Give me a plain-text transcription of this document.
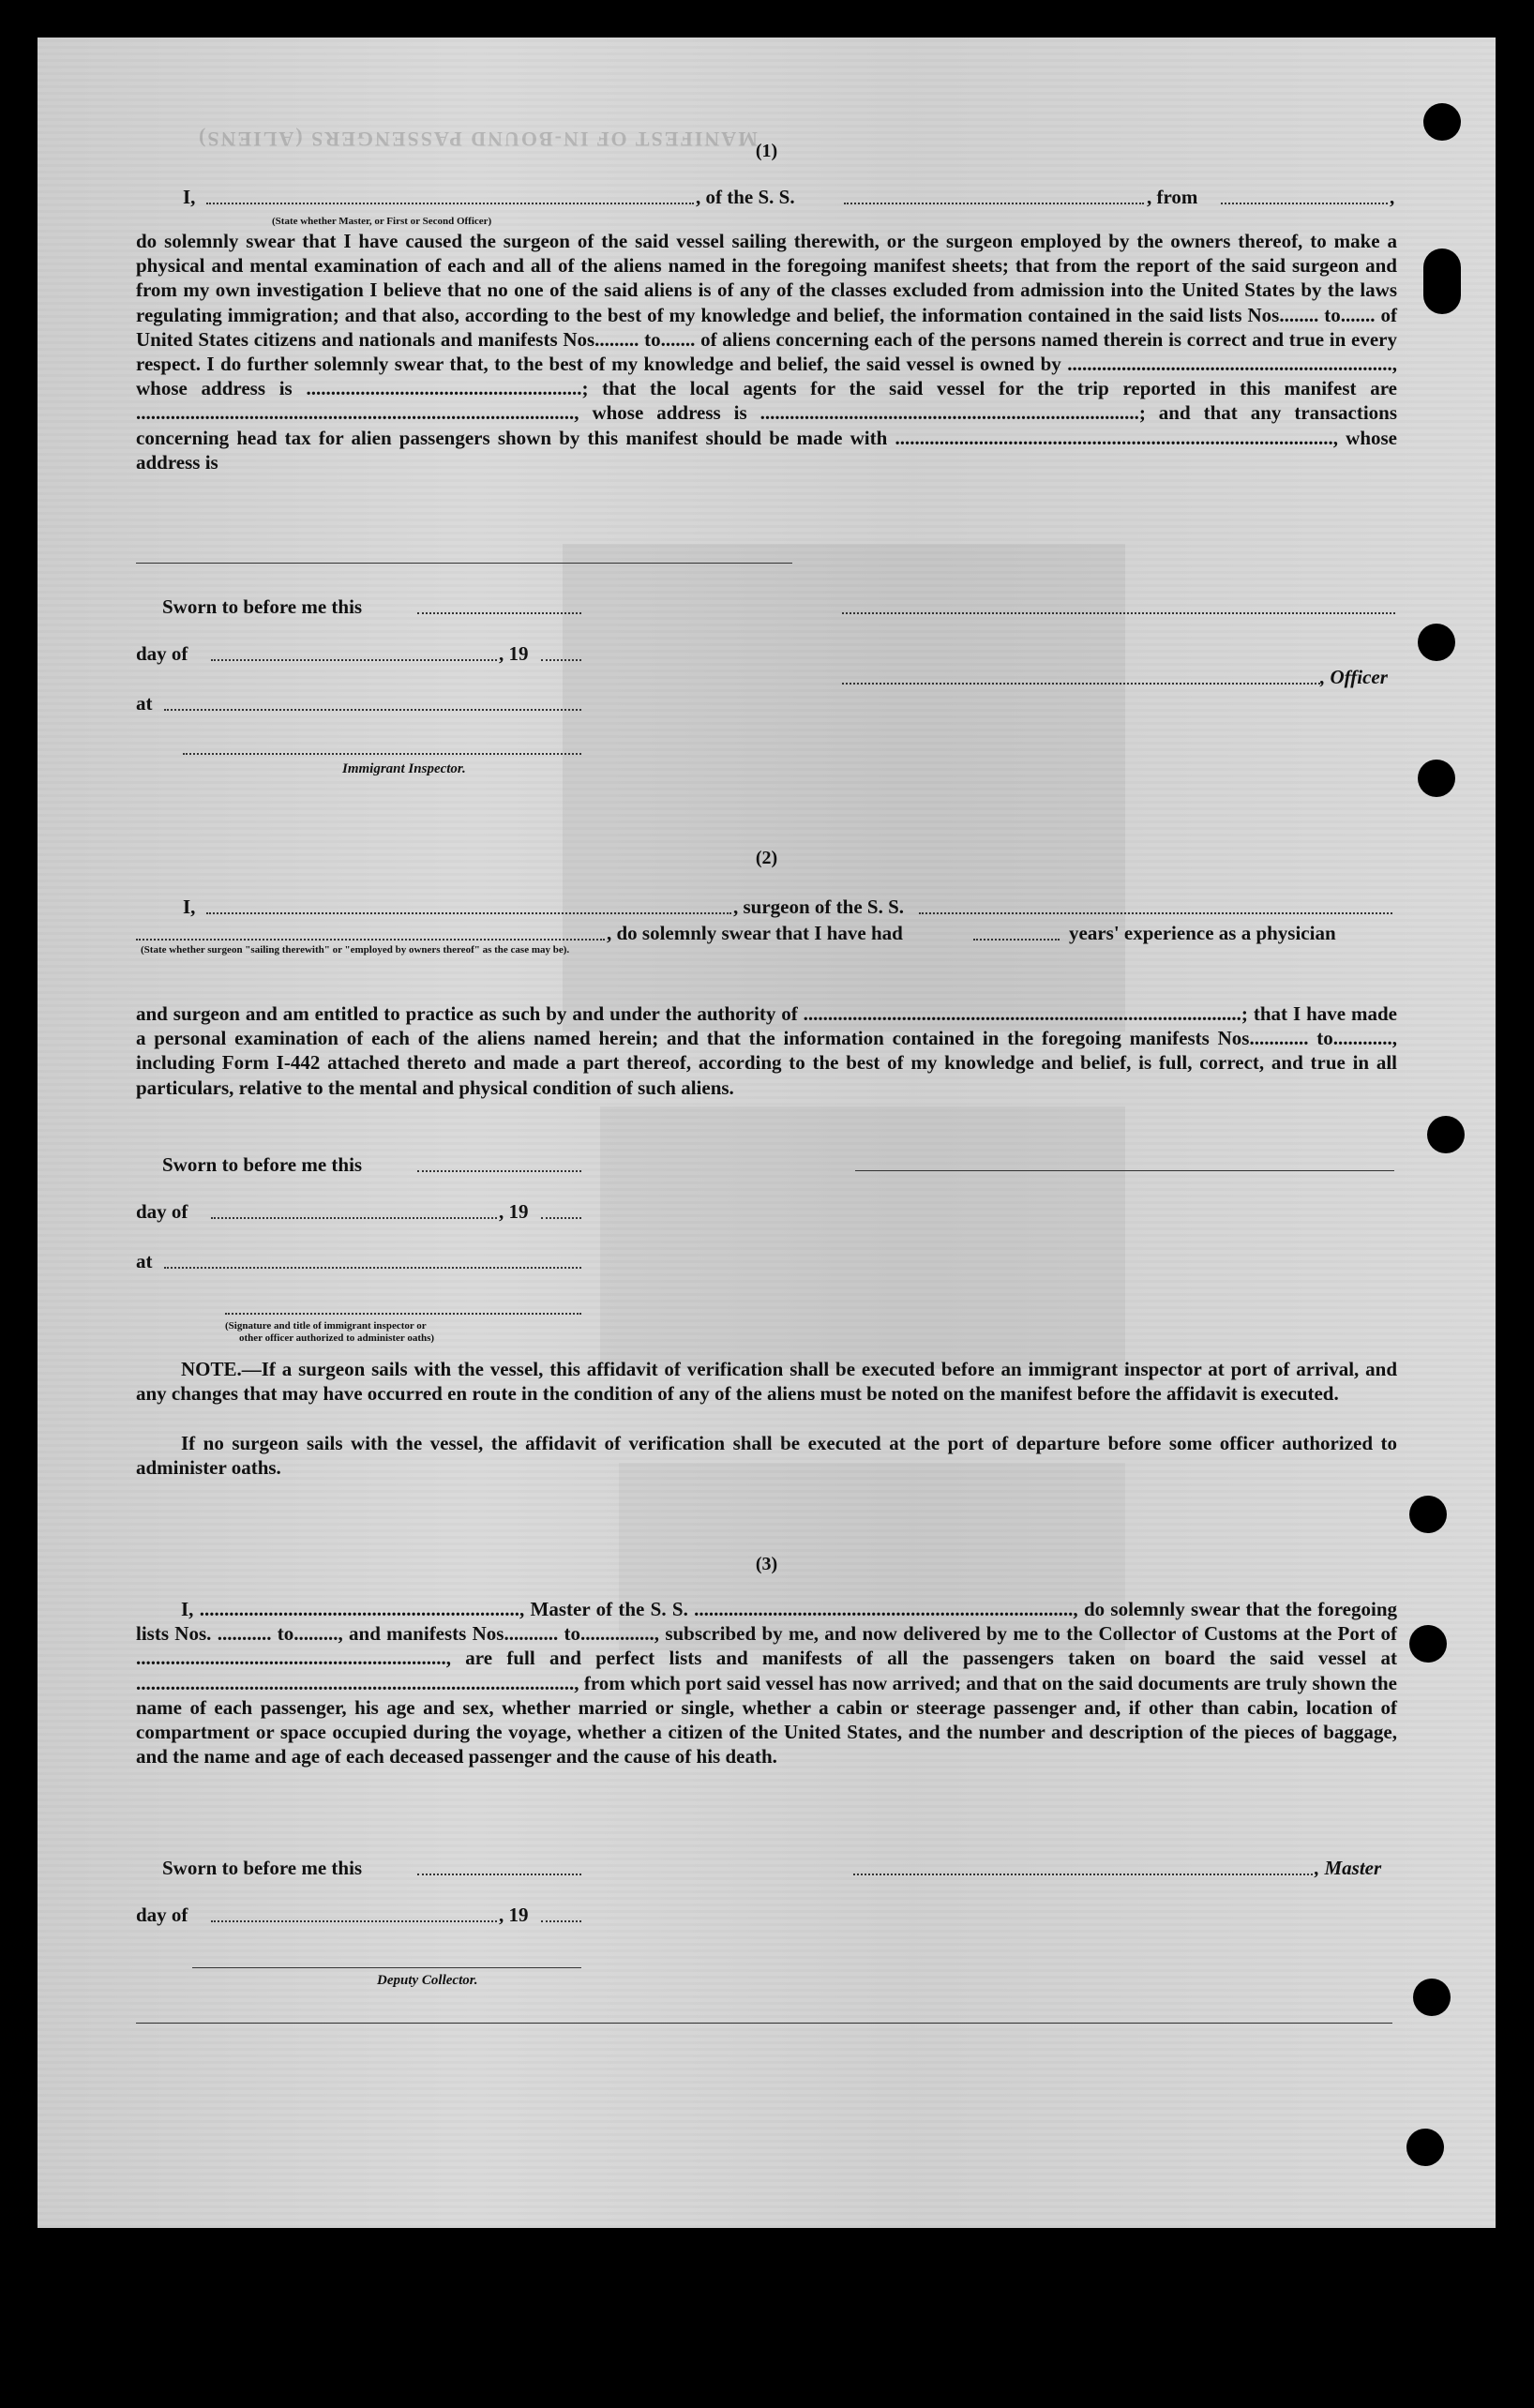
MANIFEST OF IN-BOUND PASSENGERS (ALIENS)
(1)
I,	, of the S. S.	, from	,
(State whether Master, or First or Second Officer)
do solemnly swear that I have caused the surgeon of the said vessel sailing therewith, or the surgeon employed by the owners thereof, to make a physical and mental examination of each and all of the aliens named in the foregoing manifest sheets; that from the report of the said surgeon and from my own investigation I believe that no one of the said aliens is of any of the classes excluded from admission into the United States by the laws regulating immigration; and that also, according to the best of my knowledge and belief, the information contained in the said lists Nos........ to....... of United States citizens and nationals and manifests Nos......... to....... of aliens concerning each of the persons named therein is correct and true in every respect. I do further solemnly swear that, to the best of my knowledge and belief, the said vessel is owned by .................................................................., whose address is ........................................................; that the local agents for the said vessel for the trip reported in this manifest are ........................................................................................., whose address is .............................................................................; and that any transactions concerning head tax for alien passengers shown by this manifest should be made with ........................................................................................., whose address is
Sworn to before me this
day of	, 19
, Officer
at
Immigrant Inspector.
(2)
I,	, surgeon of the S. S.
, do solemnly swear that I have had	years' experience as a physician
(State whether surgeon "sailing therewith" or "employed by owners thereof" as the case may be).
and surgeon and am entitled to practice as such by and under the authority of .........................................................................................; that I have made a personal examination of each of the aliens named herein; and that the information contained in the foregoing manifests Nos............ to............, including Form I-442 attached thereto and made a part thereof, according to the best of my knowledge and belief, is full, correct, and true in all particulars, relative to the mental and physical condition of such aliens.
Sworn to before me this
day of	, 19
at
(Signature and title of immigrant inspector or
other officer authorized to administer oaths)
NOTE.—If a surgeon sails with the vessel, this affidavit of verification shall be executed before an immigrant inspector at port of arrival, and any changes that may have occurred en route in the condition of any of the aliens must be noted on the manifest before the affidavit is executed.
If no surgeon sails with the vessel, the affidavit of verification shall be executed at the port of departure before some officer authorized to administer oaths.
(3)
I, ................................................................., Master of the S. S. ............................................................................., do solemnly swear that the foregoing lists Nos. ........... to........., and manifests Nos........... to..............., subscribed by me, and now delivered by me to the Collector of Customs at the Port of ..............................................................., are full and perfect lists and manifests of all the passengers taken on board the said vessel at ........................................................................................., from which port said vessel has now arrived; and that on the said documents are truly shown the name of each passenger, his age and sex, whether married or single, whether a cabin or steerage passenger and, if other than cabin, location of compartment or space occupied during the voyage, whether a citizen of the United States, and the number and description of the pieces of baggage, and the name and age of each deceased passenger and the cause of his death.
Sworn to before me this	, Master
day of	, 19
Deputy Collector.
